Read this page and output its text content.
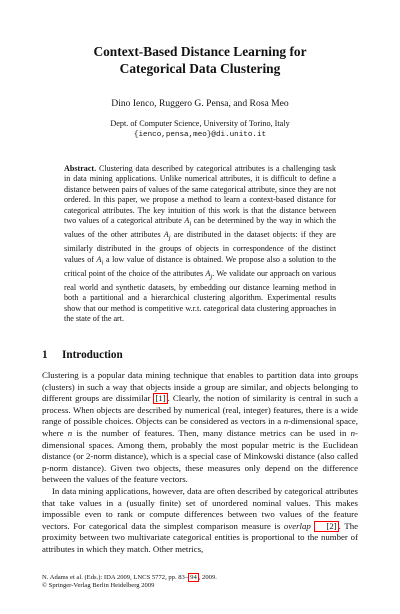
Context-Based Distance Learning for
Categorical Data Clustering
Dino Ienco, Ruggero G. Pensa, and Rosa Meo
Dept. of Computer Science, University of Torino, Italy
{ienco,pensa,meo}@di.unito.it
Abstract. Clustering data described by categorical attributes is a challenging task in data mining applications. Unlike numerical attributes, it is difficult to define a distance between pairs of values of the same categorical attribute, since they are not ordered. In this paper, we propose a method to learn a context-based distance for categorical attributes. The key intuition of this work is that the distance between two values of a categorical attribute $A_i$ can be determined by the way in which the values of the other attributes $A_j$ are distributed in the dataset objects: if they are similarly distributed in the groups of objects in correspondence of the distinct values of $A_i$ a low value of distance is obtained. We propose also a solution to the critical point of the choice of the attributes $A_j$. We validate our approach on various real world and synthetic datasets, by embedding our distance learning method in both a partitional and a hierarchical clustering algorithm. Experimental results show that our method is competitive w.r.t. categorical data clustering approaches in the state of the art.
1 Introduction

Clustering is a popular data mining technique that enables to partition data into groups (clusters) in such a way that objects inside a group are similar, and objects belonging to different groups are dissimilar [1] . Clearly, the notion of similarity is central in such a process. When objects are described by numerical (real, integer) features, there is a wide range of possible choices. Objects can be considered as vectors in a n-dimensional space, where n is the number of features. Then, many distance metrics can be used in n-dimensional spaces. Among them, probably the most popular metric is the Euclidean distance (or 2-norm distance), which is a special case of Minkowski distance (also called p-norm distance). Given two objects, these measures only depend on the difference between the values of the feature vectors.

In data mining applications, however, data are often described by categorical attributes that take values in a (usually finite) set of unordered nominal values. This makes impossible even to rank or compute differences between two values of the feature vectors. For categorical data the simplest comparison measure is overlap [2] . The proximity between two multivariate categorical entities is proportional to the number of attributes in which they match. Other metrics,

N. Adams et al. (Eds.): IDA 2009, LNCS 5772, pp. 83– 94 , 2009.
© Springer-Verlag Berlin Heidelberg 2009
